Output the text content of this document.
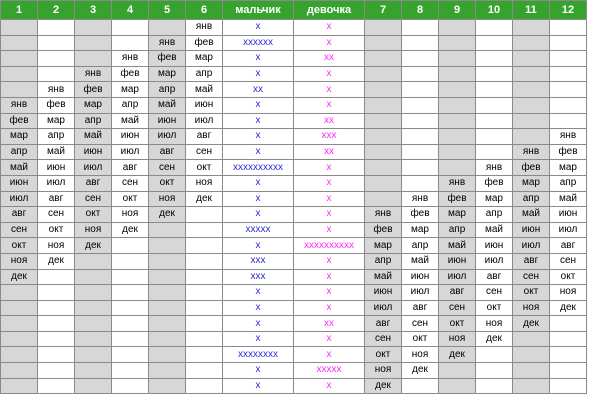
1	2	3	4	5	6	мальчик	девочка	7	8	9	10	11	12
					янв	x	x						
				янв	фев	xxxxxx	x						
			янв	фев	мар	x	xx						
		янв	фев	мар	апр	x	x						
	янв	фев	мар	апр	май	xx	x						
янв	фев	мар	апр	май	июн	x	x						
фев	мар	апр	май	июн	июл	x	xx						
мар	апр	май	июн	июл	авг	x	xxx						янв
апр	май	июн	июл	авг	сен	x	xx					янв	фев
май	июн	июл	авг	сен	окт	xxxxxxxxxx	x				янв	фев	мар
июн	июл	авг	сен	окт	ноя	x	x			янв	фев	мар	апр
июл	авг	сен	окт	ноя	дек	x	x		янв	фев	мар	апр	май
авг	сен	окт	ноя	дек		x	x	янв	фев	мар	апр	май	июн
сен	окт	ноя	дек			xxxxx	x	фев	мар	апр	май	июн	июл
окт	ноя	дек				x	xxxxxxxxxx	мар	апр	май	июн	июл	авг
ноя	дек					xxx	x	апр	май	июн	июл	авг	сен
дек						xxx	x	май	июн	июл	авг	сен	окт
						x	x	июн	июл	авг	сен	окт	ноя
						x	x	июл	авг	сен	окт	ноя	дек
						x	xx	авг	сен	окт	ноя	дек	
						x	x	сен	окт	ноя	дек		
						xxxxxxxx	x	окт	ноя	дек			
						x	xxxxx	ноя	дек				
						x	x	дек					
